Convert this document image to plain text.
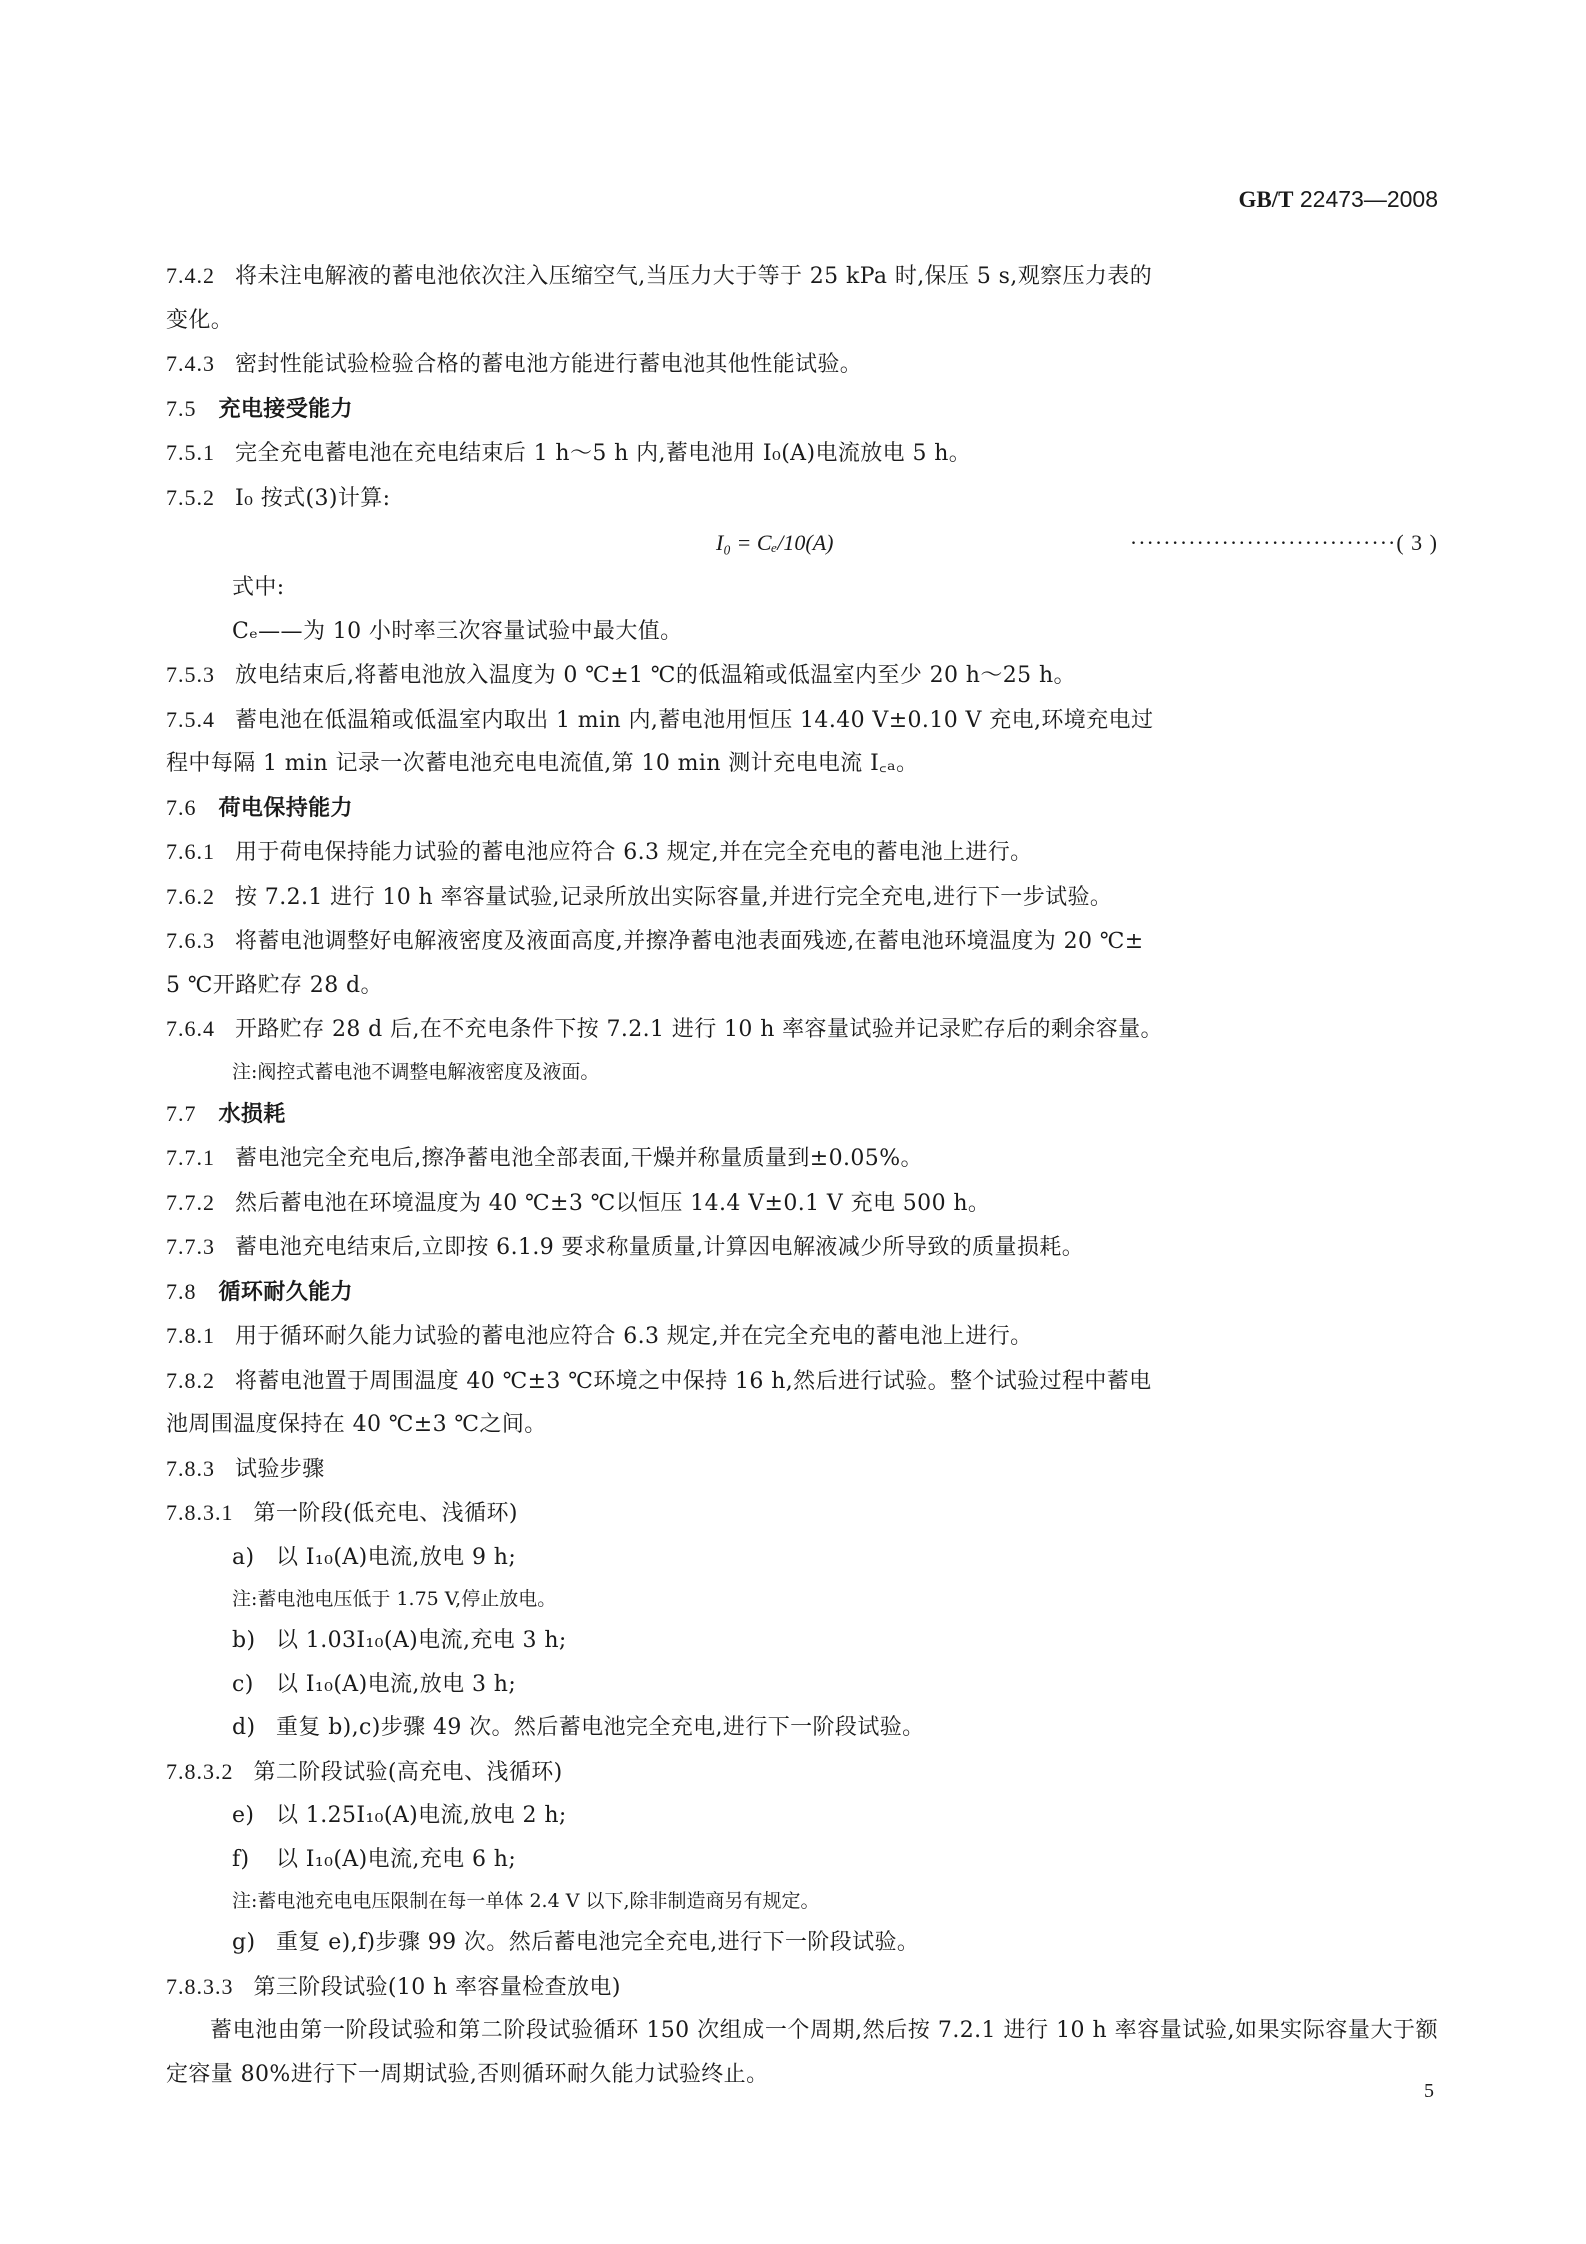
GB/T 22473—2008
7.4.2 将未注电解液的蓄电池依次注入压缩空气,当压力大于等于 25 kPa 时,保压 5 s,观察压力表的
变化。
7.4.3 密封性能试验检验合格的蓄电池方能进行蓄电池其他性能试验。
7.5 充电接受能力
7.5.1 完全充电蓄电池在充电结束后 1 h～5 h 内,蓄电池用 I₀(A)电流放电 5 h。
7.5.2 I₀ 按式(3)计算:
I₀ = Cₑ/10(A)	································( 3 )
式中:
Cₑ——为 10 小时率三次容量试验中最大值。
7.5.3 放电结束后,将蓄电池放入温度为 0 ℃±1 ℃的低温箱或低温室内至少 20 h～25 h。
7.5.4 蓄电池在低温箱或低温室内取出 1 min 内,蓄电池用恒压 14.40 V±0.10 V 充电,环境充电过
程中每隔 1 min 记录一次蓄电池充电电流值,第 10 min 测计充电电流 I꜀ₐ。
7.6 荷电保持能力
7.6.1 用于荷电保持能力试验的蓄电池应符合 6.3 规定,并在完全充电的蓄电池上进行。
7.6.2 按 7.2.1 进行 10 h 率容量试验,记录所放出实际容量,并进行完全充电,进行下一步试验。
7.6.3 将蓄电池调整好电解液密度及液面高度,并擦净蓄电池表面残迹,在蓄电池环境温度为 20 ℃±
5 ℃开路贮存 28 d。
7.6.4 开路贮存 28 d 后,在不充电条件下按 7.2.1 进行 10 h 率容量试验并记录贮存后的剩余容量。
注:阀控式蓄电池不调整电解液密度及液面。
7.7 水损耗
7.7.1 蓄电池完全充电后,擦净蓄电池全部表面,干燥并称量质量到±0.05%。
7.7.2 然后蓄电池在环境温度为 40 ℃±3 ℃以恒压 14.4 V±0.1 V 充电 500 h。
7.7.3 蓄电池充电结束后,立即按 6.1.9 要求称量质量,计算因电解液减少所导致的质量损耗。
7.8 循环耐久能力
7.8.1 用于循环耐久能力试验的蓄电池应符合 6.3 规定,并在完全充电的蓄电池上进行。
7.8.2 将蓄电池置于周围温度 40 ℃±3 ℃环境之中保持 16 h,然后进行试验。整个试验过程中蓄电
池周围温度保持在 40 ℃±3 ℃之间。
7.8.3 试验步骤
7.8.3.1 第一阶段(低充电、浅循环)
a) 以 I₁₀(A)电流,放电 9 h;
注:蓄电池电压低于 1.75 V,停止放电。
b) 以 1.03I₁₀(A)电流,充电 3 h;
c) 以 I₁₀(A)电流,放电 3 h;
d) 重复 b),c)步骤 49 次。然后蓄电池完全充电,进行下一阶段试验。
7.8.3.2 第二阶段试验(高充电、浅循环)
e) 以 1.25I₁₀(A)电流,放电 2 h;
f) 以 I₁₀(A)电流,充电 6 h;
注:蓄电池充电电压限制在每一单体 2.4 V 以下,除非制造商另有规定。
g) 重复 e),f)步骤 99 次。然后蓄电池完全充电,进行下一阶段试验。
7.8.3.3 第三阶段试验(10 h 率容量检查放电)
蓄电池由第一阶段试验和第二阶段试验循环 150 次组成一个周期,然后按 7.2.1 进行 10 h 率容量试验,如果实际容量大于额定容量 80%进行下一周期试验,否则循环耐久能力试验终止。
5
